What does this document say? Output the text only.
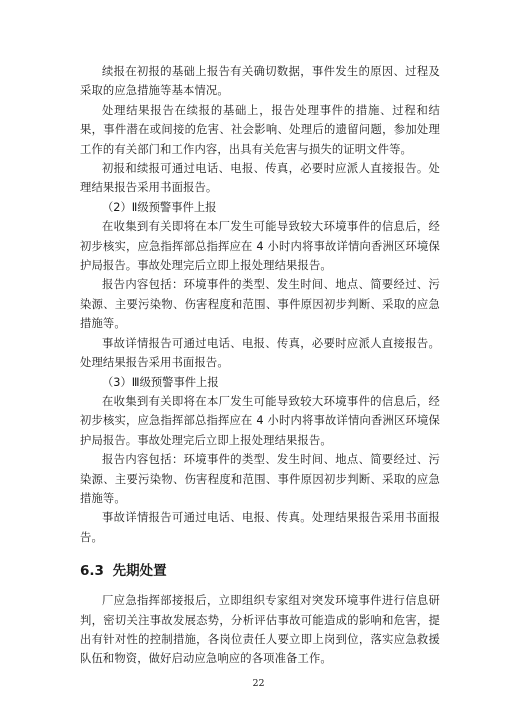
续报在初报的基础上报告有关确切数据，事件发生的原因、过程及采取的应急措施等基本情况。

处理结果报告在续报的基础上，报告处理事件的措施、过程和结果，事件潜在或间接的危害、社会影响、处理后的遗留问题，参加处理工作的有关部门和工作内容，出具有关危害与损失的证明文件等。

初报和续报可通过电话、电报、传真，必要时应派人直接报告。处理结果报告采用书面报告。

（2）Ⅱ级预警事件上报

在收集到有关即将在本厂发生可能导致较大环境事件的信息后，经初步核实，应急指挥部总指挥应在 4 小时内将事故详情向香洲区环境保护局报告。事故处理完后立即上报处理结果报告。

报告内容包括：环境事件的类型、发生时间、地点、简要经过、污染源、主要污染物、伤害程度和范围、事件原因初步判断、采取的应急措施等。

事故详情报告可通过电话、电报、传真，必要时应派人直接报告。处理结果报告采用书面报告。

（3）Ⅲ级预警事件上报

在收集到有关即将在本厂发生可能导致较大环境事件的信息后，经初步核实，应急指挥部总指挥应在 4 小时内将事故详情向香洲区环境保护局报告。事故处理完后立即上报处理结果报告。

报告内容包括：环境事件的类型、发生时间、地点、简要经过、污染源、主要污染物、伤害程度和范围、事件原因初步判断、采取的应急措施等。

事故详情报告可通过电话、电报、传真。处理结果报告采用书面报告。

6.3 先期处置

厂应急指挥部接报后，立即组织专家组对突发环境事件进行信息研判，密切关注事故发展态势，分析评估事故可能造成的影响和危害，提出有针对性的控制措施，各岗位责任人要立即上岗到位，落实应急救援队伍和物资，做好启动应急响应的各项准备工作。

22
